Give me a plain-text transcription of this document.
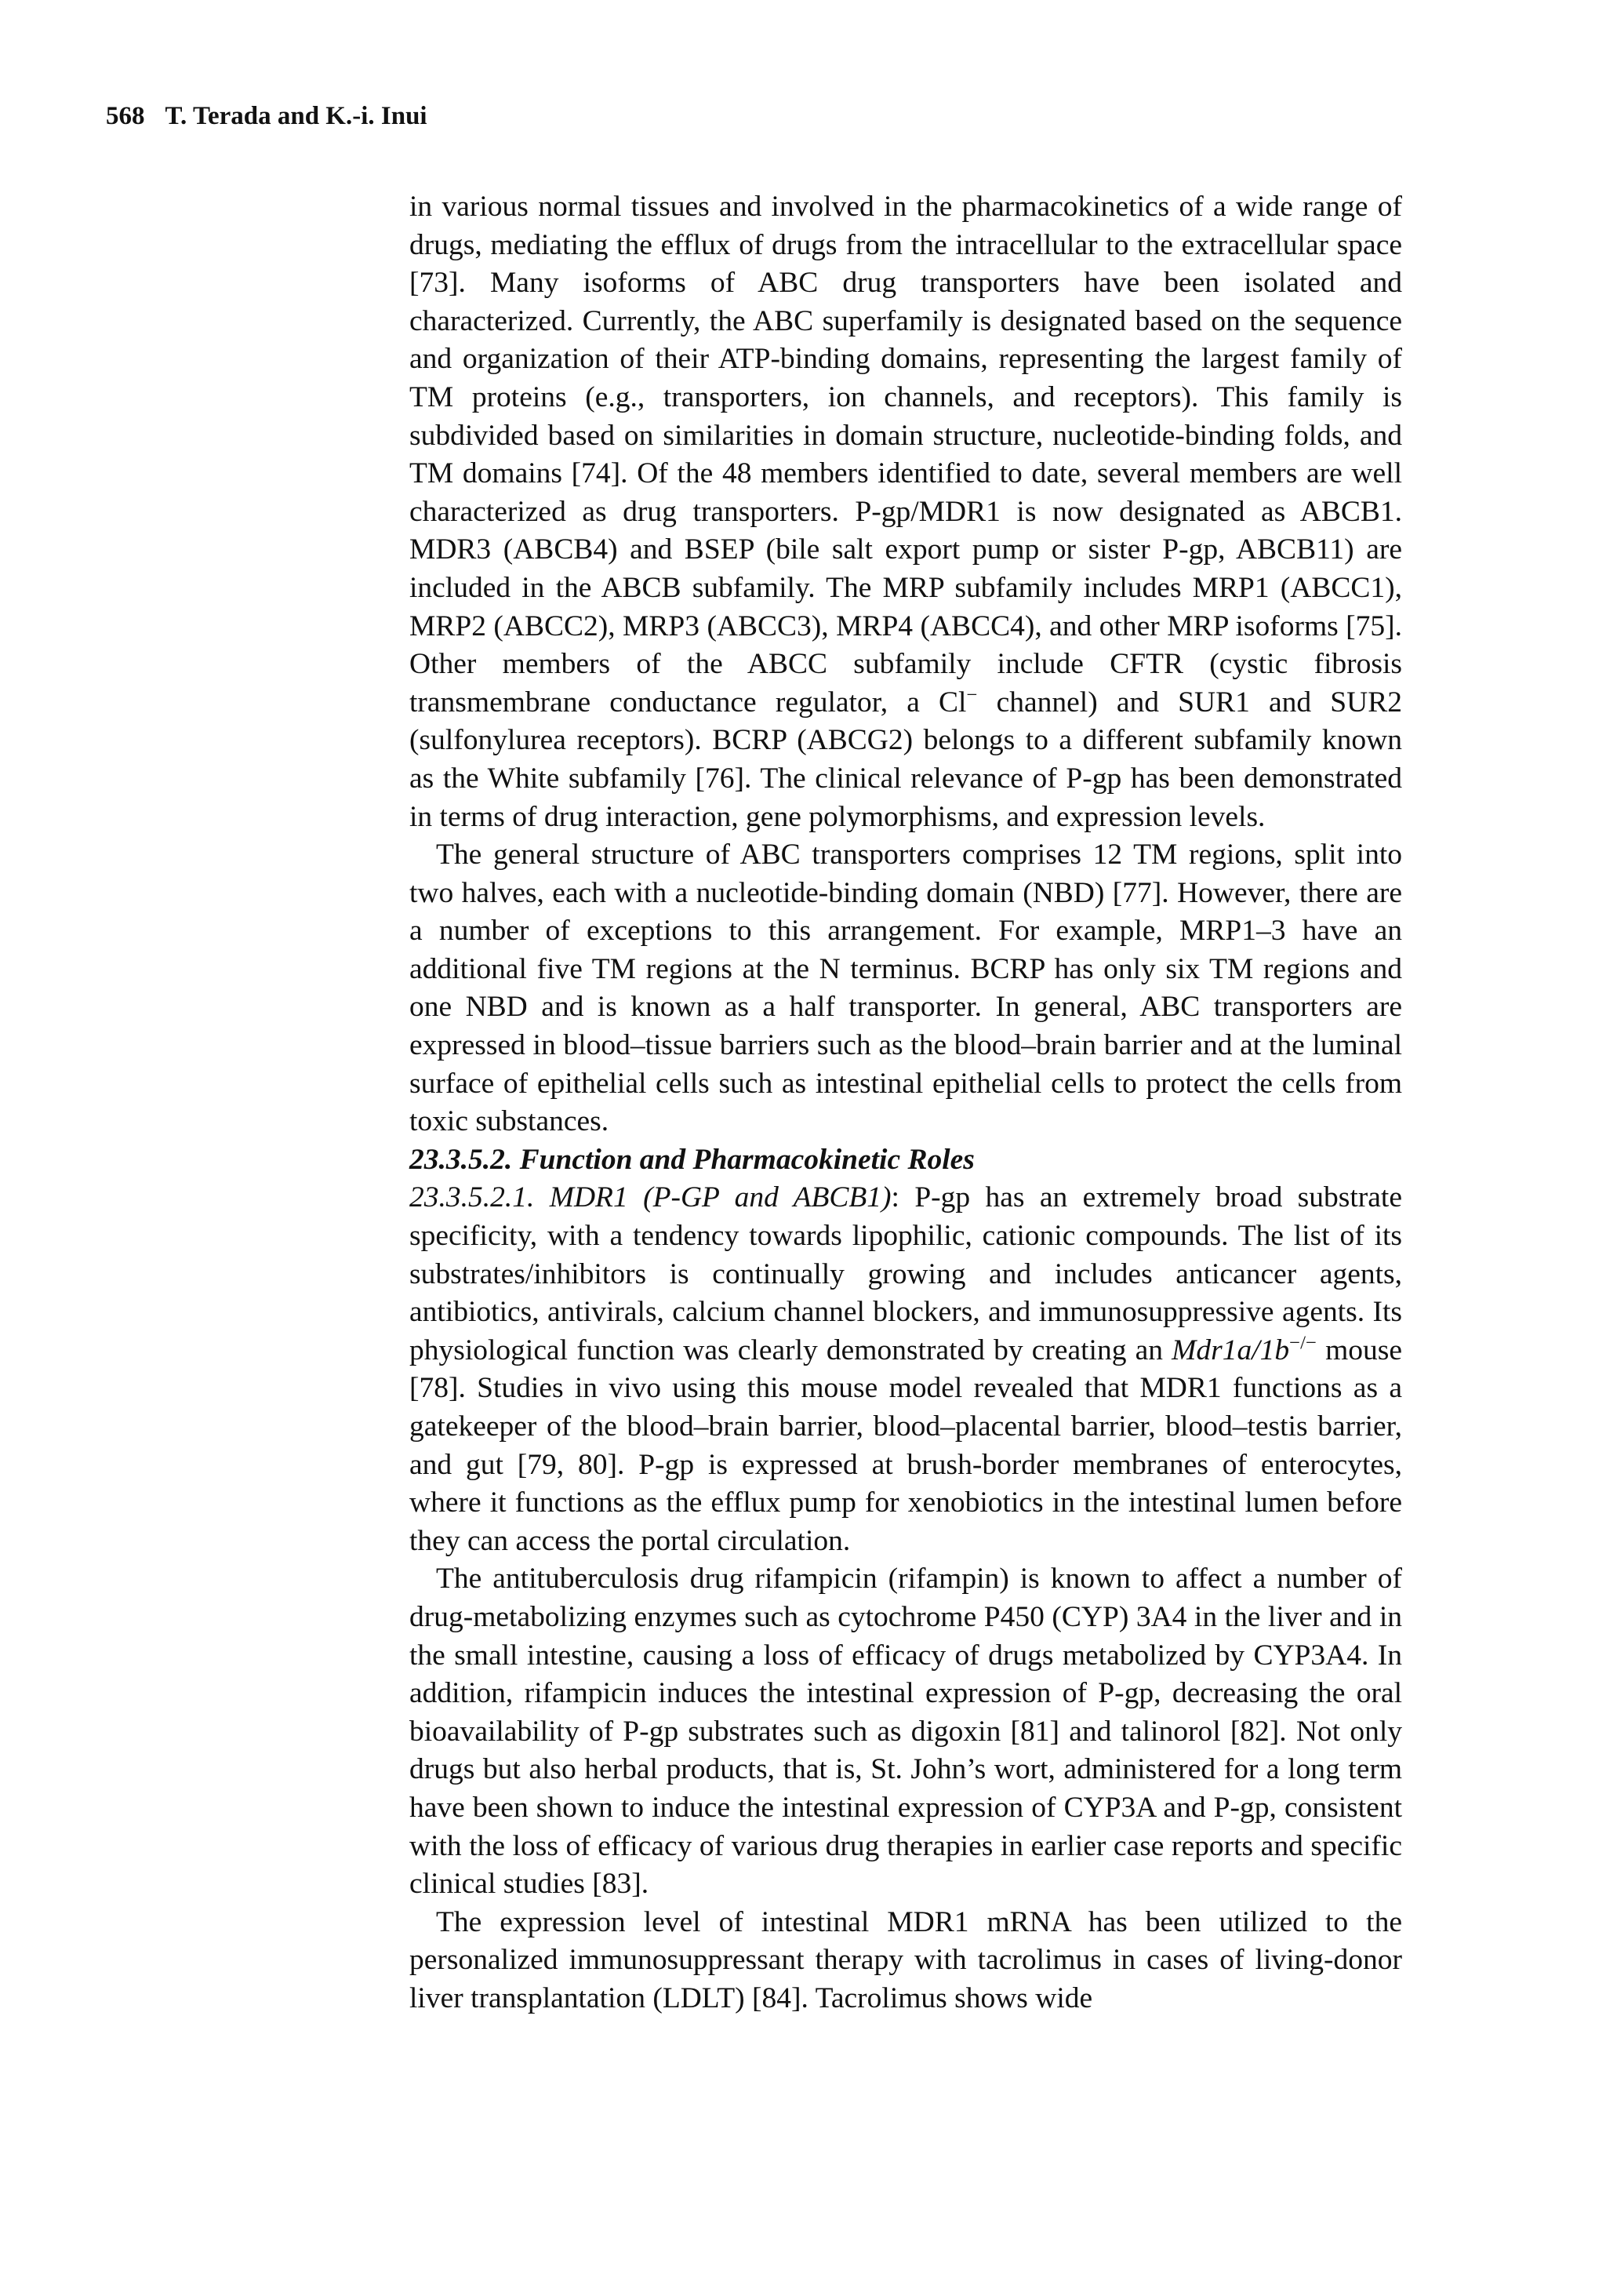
568 T. Terada and K.-i. Inui

in various normal tissues and involved in the pharmacokinetics of a wide range of drugs, mediating the efflux of drugs from the intracellular to the extracellular space [73]. Many isoforms of ABC drug transporters have been isolated and characterized. Currently, the ABC superfamily is designated based on the sequence and organization of their ATP-binding domains, representing the largest family of TM proteins (e.g., transporters, ion channels, and receptors). This family is subdivided based on similarities in domain structure, nucleotide-binding folds, and TM domains [74]. Of the 48 members identified to date, several members are well characterized as drug transporters. P-gp/MDR1 is now designated as ABCB1. MDR3 (ABCB4) and BSEP (bile salt export pump or sister P-gp, ABCB11) are included in the ABCB subfamily. The MRP subfamily includes MRP1 (ABCC1), MRP2 (ABCC2), MRP3 (ABCC3), MRP4 (ABCC4), and other MRP isoforms [75]. Other members of the ABCC subfamily include CFTR (cystic fibrosis transmembrane conductance regulator, a Cl− channel) and SUR1 and SUR2 (sulfonylurea receptors). BCRP (ABCG2) belongs to a different subfamily known as the White subfamily [76]. The clinical relevance of P-gp has been demonstrated in terms of drug interaction, gene polymorphisms, and expression levels.

The general structure of ABC transporters comprises 12 TM regions, split into two halves, each with a nucleotide-binding domain (NBD) [77]. However, there are a number of exceptions to this arrangement. For example, MRP1–3 have an additional five TM regions at the N terminus. BCRP has only six TM regions and one NBD and is known as a half transporter. In general, ABC transporters are expressed in blood–tissue barriers such as the blood–brain barrier and at the luminal surface of epithelial cells such as intestinal epithelial cells to protect the cells from toxic substances.

23.3.5.2. Function and Pharmacokinetic Roles

23.3.5.2.1. MDR1 (P-GP and ABCB1): P-gp has an extremely broad substrate specificity, with a tendency towards lipophilic, cationic compounds. The list of its substrates/inhibitors is continually growing and includes anticancer agents, antibiotics, antivirals, calcium channel blockers, and immunosuppressive agents. Its physiological function was clearly demonstrated by creating an Mdr1a/1b−/− mouse [78]. Studies in vivo using this mouse model revealed that MDR1 functions as a gatekeeper of the blood–brain barrier, blood–placental barrier, blood–testis barrier, and gut [79, 80]. P-gp is expressed at brush-border membranes of enterocytes, where it functions as the efflux pump for xenobiotics in the intestinal lumen before they can access the portal circulation.

The antituberculosis drug rifampicin (rifampin) is known to affect a number of drug-metabolizing enzymes such as cytochrome P450 (CYP) 3A4 in the liver and in the small intestine, causing a loss of efficacy of drugs metabolized by CYP3A4. In addition, rifampicin induces the intestinal expression of P-gp, decreasing the oral bioavailability of P-gp substrates such as digoxin [81] and talinorol [82]. Not only drugs but also herbal products, that is, St. John’s wort, administered for a long term have been shown to induce the intestinal expression of CYP3A and P-gp, consistent with the loss of efficacy of various drug therapies in earlier case reports and specific clinical studies [83].

The expression level of intestinal MDR1 mRNA has been utilized to the personalized immunosuppressant therapy with tacrolimus in cases of living-donor liver transplantation (LDLT) [84]. Tacrolimus shows wide
